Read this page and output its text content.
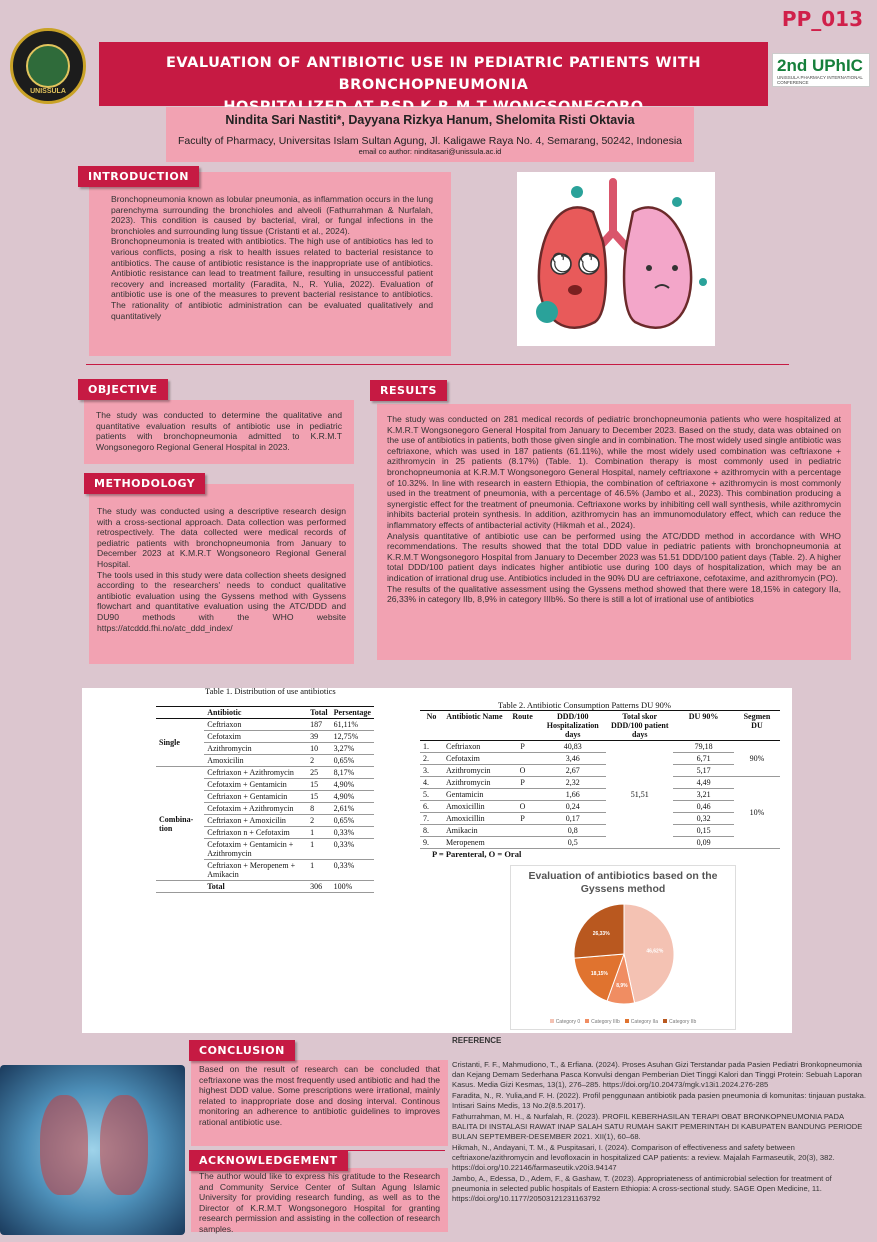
UNISSULA
EVALUATION OF ANTIBIOTIC USE IN PEDIATRIC PATIENTS WITH BRONCHOPNEUMONIA
PP_013
2nd UPhIC
UNISSULA PHARMACY INTERNATIONAL CONFERENCE
Nindita Sari Nastiti*, Dayyana Rizkya Hanum, Shelomita Risti Oktavia
Faculty of Pharmacy, Universitas Islam Sultan Agung, Jl. Kaligawe Raya No. 4, Semarang, 50242, Indonesia
email co author: ninditasari@unissula.ac.id

Bronchopneumonia known as lobular pneumonia, as inflammation occurs in the lung parenchyma surrounding the bronchioles and alveoli (Fathurrahman & Nurfalah, 2023). This condition is caused by bacterial, viral, or fungal infections in the bronchioles and surrounding lung tissue (Cristanti et al., 2024).

Bronchopneumonia is treated with antibiotics. The high use of antibiotics has led to various conflicts, posing a risk to health issues related to bacterial resistance to antibiotics. The cause of antibiotic resistance is the inappropriate use of antibiotics. Antibiotic resistance can lead to treatment failure, resulting in unsuccessful patient recovery and increased mortality (Faradita, N., R. Yulia, 2022). Evaluation of antibiotic use is one of the measures to prevent bacterial resistance to antibiotics. The rationality of antibiotic administration can be evaluated qualitatively and quantitatively

INTRODUCTION

The study was conducted to determine the qualitative and quantitative evaluation results of antibiotic use in pediatric patients with bronchopneumonia admitted to K.R.M.T Wongsonegoro Regional General Hospital in 2023.

OBJECTIVE

The study was conducted using a descriptive research design with a cross-sectional approach. Data collection was performed retrospectively. The data collected were medical records of pediatric patients with bronchopneumonia from January to December 2023 at K.M.R.T Wongsoneoro Regional General Hospital.

The tools used in this study were data collection sheets designed according to the researchers' needs to conduct qualitative antibiotic evaluation using the Gyssens method with Gyssens flowchart and quantitative evaluation using the ATC/DDD and DU90 methods with the WHO website https://atcddd.fhi.no/atc_ddd_index/

METHODOLOGY

The study was conducted on 281 medical records of pediatric bronchopneumonia patients who were hospitalized at K.M.R.T Wongsonegoro General Hospital from January to December 2023. Based on the study, data was obtained on the use of antibiotics in patients, both those given single and in combination. The most widely used single antibiotic was ceftriaxone, which was used in 187 patients (61.11%), while the most widely used combination was ceftriaxone + azithromycin in 25 patients (8.17%) (Table. 1). Combination therapy is most commonly used in pediatric bronchopneumonia at K.R.M.T Wongsonegoro General Hospital, namely ceftriaxone + azithromycin with a percentage of 10.32%. In line with research in eastern Ethiopia, the combination of ceftriaxone + azithromycin is most commonly used in the treatment of pneumonia, with a percentage of 46.5% (Jambo et al., 2023). This combination producing a synergistic effect for the treatment of pneumonia. Ceftriaxone works by inhibiting cell wall synthesis, while azithromycin inhibits bacterial protein synthesis. In addition, azithromycin has an immunomodulatory effect, which can reduce the inflammatory effects of antibacterial activity (Hikmah et al., 2024).

Analysis quantitative of antibiotic use can be performed using the ATC/DDD method in accordance with WHO recommendations. The results showed that the total DDD value in pediatric patients with bronchopneumonia at K.R.M.T Wongsonegoro Hospital from January to December 2023 was 51.51 DDD/100 patient days (Table. 2). A higher total DDD/100 patient days indicates higher antibiotic use during 100 days of hospitalization, which may be an indication of irrational drug use. Antibiotics included in the 90% DU are ceftriaxone, cefotaxime, and azithromycin (PO).

The results of the qualitative assessment using the Gyssens method showed that there were 18,15% in category IIa, 26,33% in category IIb, 8,9% in category IIIb%. So there is still a lot of irrational use of antibiotics

RESULTS
Table 1. Distribution of use antibiotics
	Antibiotic	Total	Persentage
Single	Ceftriaxon	187	61,11%
	Cefotaxim	39	12,75%
	Azithromycin	10	3,27%
	Amoxicilin	2	0,65%
Combina-tion	Ceftriaxon + Azithromycin	25	8,17%
	Cefotaxim + Gentamicin	15	4,90%
	Ceftriaxon + Gentamicin	15	4,90%
	Cefotaxim + Azithromycin	8	2,61%
	Ceftriaxon + Amoxicilin	2	0,65%
	Ceftriaxon n + Cefotaxim	1	0,33%
	Cefotaxim + Gentamicin + Azithromycin	1	0,33%
	Ceftriaxon + Meropenem + Amikacin	1	0,33%
	Total	306	100%
Table 2. Antibiotic Consumption Patterns DU 90%
No	Antibiotic Name	Route	DDD/100 Hospitalization days	Total skor DDD/100 patient days	DU 90%	Segmen DU
1.	Ceftriaxon	P	40,83	51,51	79,18	90%
2.	Cefotaxim		3,46		6,71	
3.	Azithromycin	O	2,67		5,17	
4.	Azithromycin	P	2,32		4,49	10%
5.	Gentamicin		1,66		3,21	
6.	Amoxicillin	O	0,24		0,46	
7.	Amoxicillin	P	0,17		0,32	
8.	Amikacin		0,8		0,15	
9.	Meropenem		0,5		0,09	
P = Parenteral, O = Oral
Evaluation of antibiotics based on the Gyssens method
46,62%
8,9%
18,15%
26,33%
Category 0	Category IIIb	Category IIa	Category IIb

Based on the result of research can be concluded that ceftriaxone was the most frequently used antibiotic and had the highest DDD value. Some prescriptions were irrational, mainly related to inappropriate dose and dosing interval. Continous monitoring an adherence to antibiotic guidelines to improves rational antibiotic use.

CONCLUSION

The author would like to express his gratitude to the Research and Community Service Center of Sultan Agung Islamic University for providing research funding, as well as to the Director of K.R.M.T Wongsonegoro Hospital for granting research permission and assisting in the collection of research samples.

ACKNOWLEDGEMENT
REFERENCE

Cristanti, F. F., Mahmudiono, T., & Erfiana. (2024). Proses Asuhan Gizi Terstandar pada Pasien Pediatri Bronkopneumonia dan Kejang Demam Sederhana Pasca Konvulsi dengan Pemberian Diet Tinggi Kalori dan Tinggi Protein: Sebuah Laporan Kasus. Media Gizi Kesmas, 13(1), 276–285. https://doi.org/10.20473/mgk.v13i1.2024.276-285

Faradita, N., R. Yulia,and F. H. (2022). Profil penggunaan antibiotik pada pasien pneumonia di komunitas: tinjauan pustaka. Intisari Sains Medis, 13 No.2(8.5.2017).

Fathurrahman, M. H., & Nurfalah, R. (2023). PROFIL KEBERHASILAN TERAPI OBAT BRONKOPNEUMONIA PADA BALITA DI INSTALASI RAWAT INAP SALAH SATU RUMAH SAKIT PEMERINTAH DI KABUPATEN BANDUNG PERIODE BULAN SEPTEMBER-DESEMBER 2021. XII(1), 60–68.

Hikmah, N., Andayani, T. M., & Puspitasari, I. (2024). Comparison of effectiveness and safety between ceftriaxone/azithromycin and levofloxacin in hospitalized CAP patients: a review. Majalah Farmaseutik, 20(3), 382. https://doi.org/10.22146/farmaseutik.v20i3.94147

Jambo, A., Edessa, D., Adem, F., & Gashaw, T. (2023). Appropriateness of antimicrobial selection for treatment of pneumonia in selected public hospitals of Eastern Ethiopia: A cross-sectional study. SAGE Open Medicine, 11. https://doi.org/10.1177/20503121231163792
